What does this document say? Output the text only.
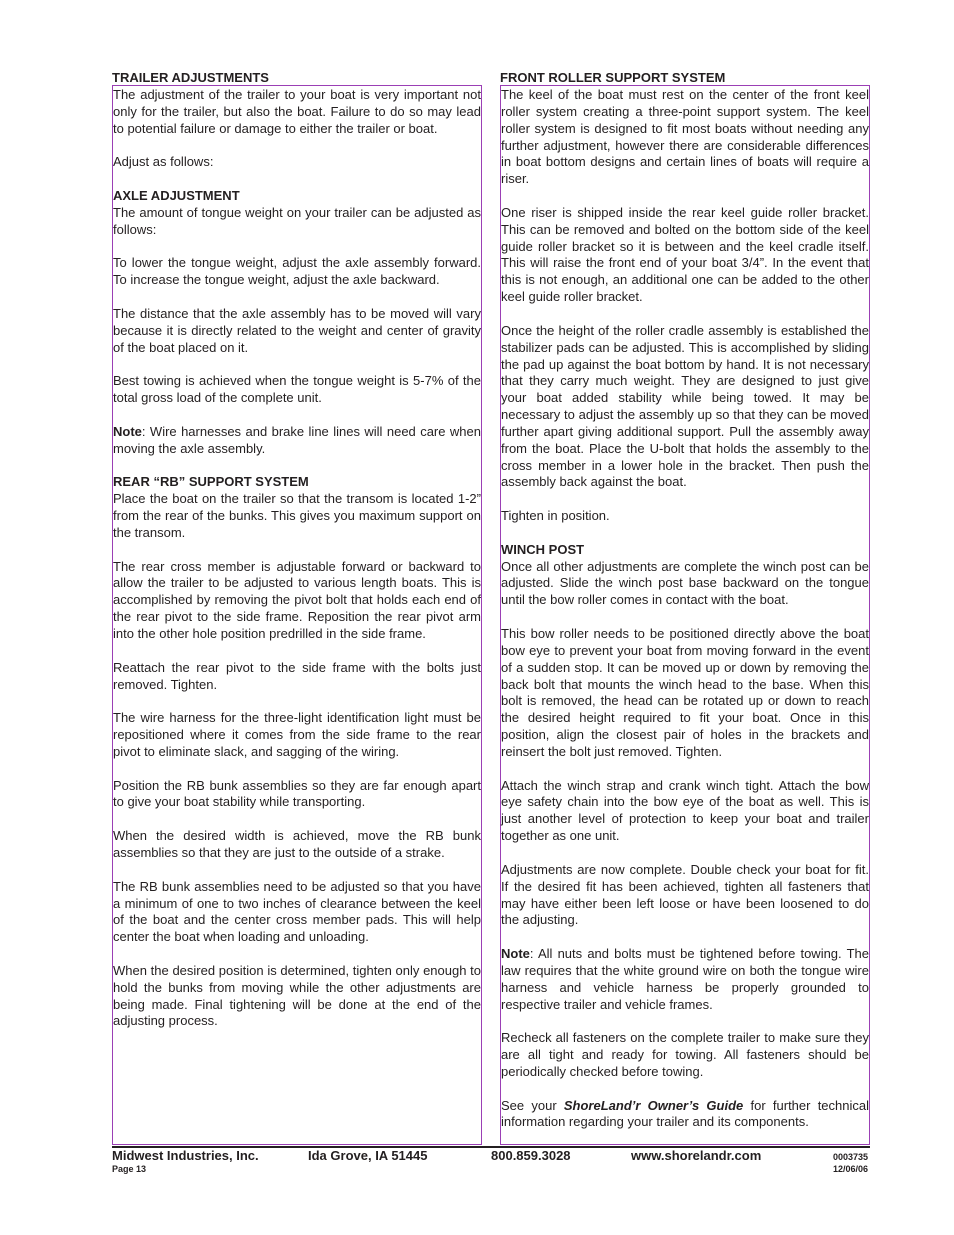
TRAILER ADJUSTMENTS

The adjustment of the trailer to your boat is very important not only for the trailer, but also the boat. Failure to do so may lead to potential failure or damage to either the trailer or boat.

Adjust as follows:

AXLE ADJUSTMENT

The amount of tongue weight on your trailer can be adjusted as follows:

To lower the tongue weight, adjust the axle assembly forward. To increase the tongue weight, adjust the axle backward.

The distance that the axle assembly has to be moved will vary because it is directly related to the weight and center of gravity of the boat placed on it.

Best towing is achieved when the tongue weight is 5-7% of the total gross load of the complete unit.

Note: Wire harnesses and brake line lines will need care when moving the axle assembly.

REAR “RB” SUPPORT SYSTEM

Place the boat on the trailer so that the transom is located 1-2” from the rear of the bunks. This gives you maximum support on the transom.

The rear cross member is adjustable forward or backward to allow the trailer to be adjusted to various length boats. This is accomplished by removing the pivot bolt that holds each end of the rear pivot to the side frame. Reposition the rear pivot arm into the other hole position predrilled in the side frame.

Reattach the rear pivot to the side frame with the bolts just removed. Tighten.

The wire harness for the three-light identification light must be repositioned where it comes from the side frame to the rear pivot to eliminate slack, and sagging of the wiring.

Position the RB bunk assemblies so they are far enough apart to give your boat stability while transporting.

When the desired width is achieved, move the RB bunk assemblies so that they are just to the outside of a strake.

The RB bunk assemblies need to be adjusted so that you have a minimum of one to two inches of clearance between the keel of the boat and the center cross member pads. This will help center the boat when loading and unloading.

When the desired position is determined, tighten only enough to hold the bunks from moving while the other adjustments are being made. Final tightening will be done at the end of the adjusting process.

FRONT ROLLER SUPPORT SYSTEM

The keel of the boat must rest on the center of the front keel roller system creating a three-point support system. The keel roller system is designed to fit most boats without needing any further adjustment, however there are considerable differences in boat bottom designs and certain lines of boats will require a riser.

One riser is shipped inside the rear keel guide roller bracket. This can be removed and bolted on the bottom side of the keel guide roller bracket so it is between and the keel cradle itself. This will raise the front end of your boat 3/4”. In the event that this is not enough, an additional one can be added to the other keel guide roller bracket.

Once the height of the roller cradle assembly is established the stabilizer pads can be adjusted. This is accomplished by sliding the pad up against the boat bottom by hand. It is not necessary that they carry much weight. They are designed to just give your boat added stability while being towed. It may be necessary to adjust the assembly up so that they can be moved further apart giving additional support. Pull the assembly away from the boat. Place the U-bolt that holds the assembly to the cross member in a lower hole in the bracket. Then push the assembly back against the boat.

Tighten in position.

WINCH POST

Once all other adjustments are complete the winch post can be adjusted. Slide the winch post base backward on the tongue until the bow roller comes in contact with the boat.

This bow roller needs to be positioned directly above the boat bow eye to prevent your boat from moving forward in the event of a sudden stop. It can be moved up or down by removing the back bolt that mounts the winch head to the base. When this bolt is removed, the head can be rotated up or down to reach the desired height required to fit your boat. Once in this position, align the closest pair of holes in the brackets and reinsert the bolt just removed. Tighten.

Attach the winch strap and crank winch tight. Attach the bow eye safety chain into the bow eye of the boat as well. This is just another level of protection to keep your boat and trailer together as one unit.

Adjustments are now complete. Double check your boat for fit. If the desired fit has been achieved, tighten all fasteners that may have either been left loose or have been loosened to do the adjusting.

Note: All nuts and bolts must be tightened before towing. The law requires that the white ground wire on both the tongue wire harness and vehicle harness be properly grounded to respective trailer and vehicle frames.

Recheck all fasteners on the complete trailer to make sure they are all tight and ready for towing. All fasteners should be periodically checked before towing.

See your ShoreLand’r Owner’s Guide for further technical information regarding your trailer and its components.

Midwest Industries, Inc.	Ida Grove, IA 51445	800.859.3028	www.shorelandr.com	0003735
Page 13	12/06/06
